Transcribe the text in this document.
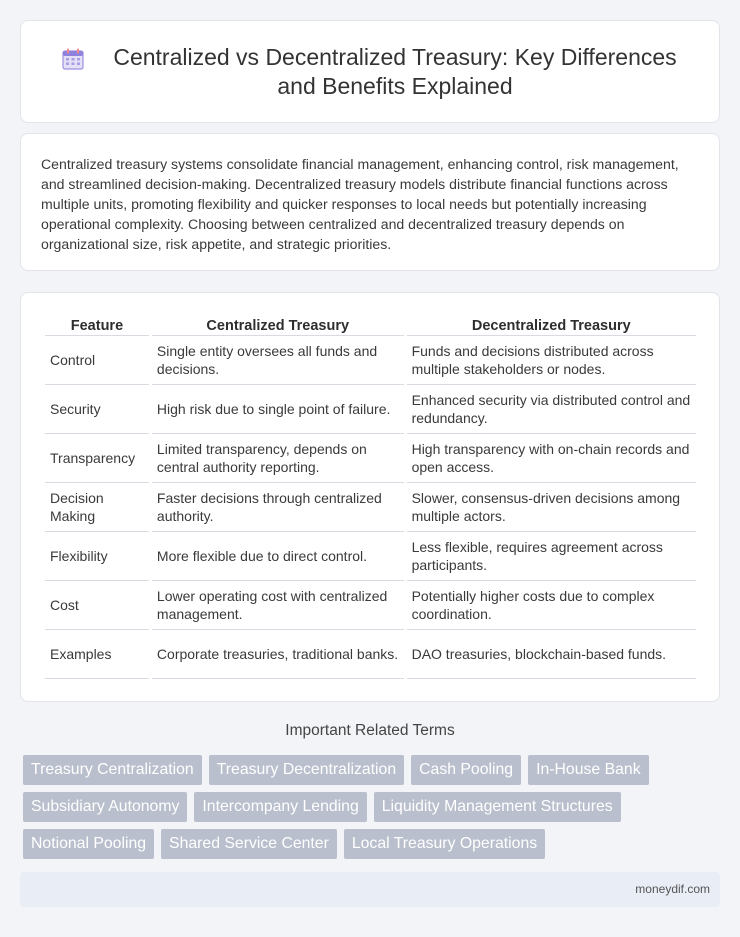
Centralized vs Decentralized Treasury: Key Differences and Benefits Explained

Centralized treasury systems consolidate financial management, enhancing control, risk management, and streamlined decision-making. Decentralized treasury models distribute financial functions across multiple units, promoting flexibility and quicker responses to local needs but potentially increasing operational complexity. Choosing between centralized and decentralized treasury depends on organizational size, risk appetite, and strategic priorities.

Feature	Centralized Treasury	Decentralized Treasury
Control	Single entity oversees all funds and decisions.	Funds and decisions distributed across multiple stakeholders or nodes.
Security	High risk due to single point of failure.	Enhanced security via distributed control and redundancy.
Transparency	Limited transparency, depends on central authority reporting.	High transparency with on-chain records and open access.
Decision Making	Faster decisions through centralized authority.	Slower, consensus-driven decisions among multiple actors.
Flexibility	More flexible due to direct control.	Less flexible, requires agreement across participants.
Cost	Lower operating cost with centralized management.	Potentially higher costs due to complex coordination.
Examples	Corporate treasuries, traditional banks.	DAO treasuries, blockchain-based funds.
Important Related Terms
Treasury Centralization	Treasury Decentralization	Cash Pooling	In-House Bank
Subsidiary Autonomy	Intercompany Lending	Liquidity Management Structures
Notional Pooling	Shared Service Center	Local Treasury Operations
moneydif.com
